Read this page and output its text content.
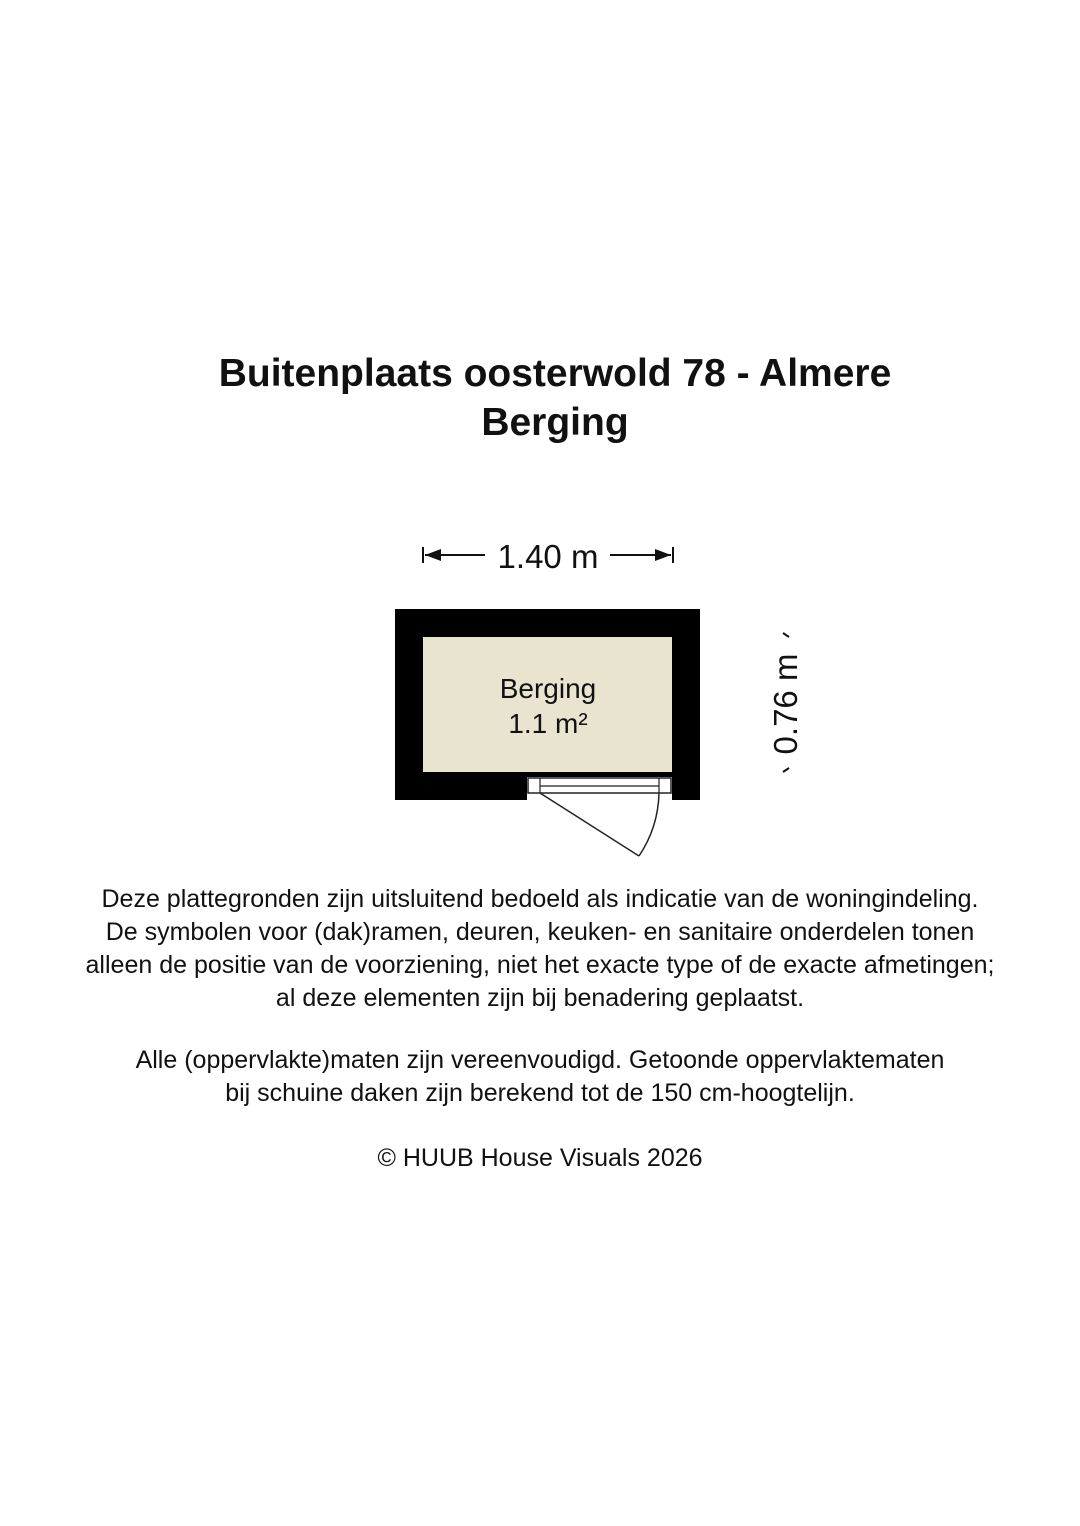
Buitenplaats oosterwold 78 - Almere
Berging
1.40 m
0.76 m
Berging
1.1 m²

Deze plattegronden zijn uitsluitend bedoeld als indicatie van de woningindeling.

De symbolen voor (dak)ramen, deuren, keuken- en sanitaire onderdelen tonen

alleen de positie van de voorziening, niet het exacte type of de exacte afmetingen;

al deze elementen zijn bij benadering geplaatst.

Alle (oppervlakte)maten zijn vereenvoudigd. Getoonde oppervlaktematen

bij schuine daken zijn berekend tot de 150 cm-hoogtelijn.

© HUUB House Visuals 2026
